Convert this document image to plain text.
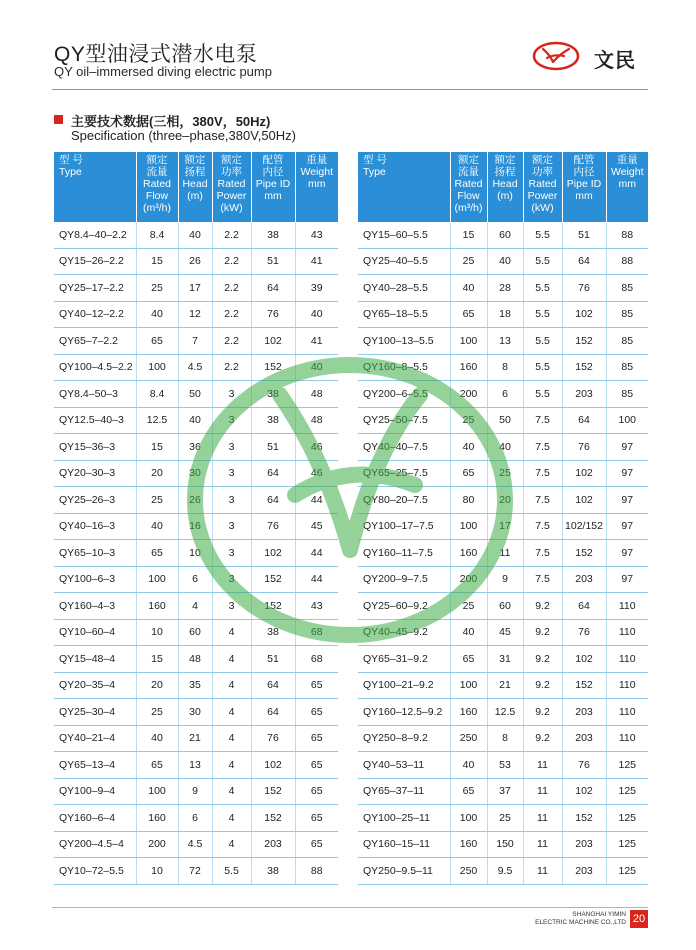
QY型油浸式潜水电泵
QY oil–immersed diving electric pump	文民
主要技术数据(三相，380V，50Hz)
Specification (three–phase,380V,50Hz)
型 号
Type	额定
流量
Rated
Flow
(m³/h)	额定
扬程
Head
(m)	额定
功率
Rated
Power
(kW)	配管
内径
Pipe ID
mm	重量
Weight
mm

QY8.4–40–2.2	8.4	40	2.2	38	43
QY15–26–2.2	15	26	2.2	51	41
QY25–17–2.2	25	17	2.2	64	39
QY40–12–2.2	40	12	2.2	76	40
QY65–7–2.2	65	7	2.2	102	41
QY100–4.5–2.2	100	4.5	2.2	152	40
QY8.4–50–3	8.4	50	3	38	48
QY12.5–40–3	12.5	40	3	38	48
QY15–36–3	15	36	3	51	46
QY20–30–3	20	30	3	64	46
QY25–26–3	25	26	3	64	44
QY40–16–3	40	16	3	76	45
QY65–10–3	65	10	3	102	44
QY100–6–3	100	6	3	152	44
QY160–4–3	160	4	3	152	43
QY10–60–4	10	60	4	38	68
QY15–48–4	15	48	4	51	68
QY20–35–4	20	35	4	64	65
QY25–30–4	25	30	4	64	65
QY40–21–4	40	21	4	76	65
QY65–13–4	65	13	4	102	65
QY100–9–4	100	9	4	152	65
QY160–6–4	160	6	4	152	65
QY200–4.5–4	200	4.5	4	203	65
QY10–72–5.5	10	72	5.5	38	88
型 号
Type	额定
流量
Rated
Flow
(m³/h)	额定
扬程
Head
(m)	额定
功率
Rated
Power
(kW)	配管
内径
Pipe ID
mm	重量
Weight
mm

QY15–60–5.5	15	60	5.5	51	88
QY25–40–5.5	25	40	5.5	64	88
QY40–28–5.5	40	28	5.5	76	85
QY65–18–5.5	65	18	5.5	102	85
QY100–13–5.5	100	13	5.5	152	85
QY160–8–5.5	160	8	5.5	152	85
QY200–6–5.5	200	6	5.5	203	85
QY25–50–7.5	25	50	7.5	64	100
QY40–40–7.5	40	40	7.5	76	97
QY65–25–7.5	65	25	7.5	102	97
QY80–20–7.5	80	20	7.5	102	97
QY100–17–7.5	100	17	7.5	102/152	97
QY160–11–7.5	160	11	7.5	152	97
QY200–9–7.5	200	9	7.5	203	97
QY25–60–9.2	25	60	9.2	64	110
QY40–45–9.2	40	45	9.2	76	110
QY65–31–9.2	65	31	9.2	102	110
QY100–21–9.2	100	21	9.2	152	110
QY160–12.5–9.2	160	12.5	9.2	203	110
QY250–8–9.2	250	8	9.2	203	110
QY40–53–11	40	53	11	76	125
QY65–37–11	65	37	11	102	125
QY100–25–11	100	25	11	152	125
QY160–15–11	160	150	11	203	125
QY250–9.5–11	250	9.5	11	203	125
SHANGHAI YIMIN
ELECTRIC MACHINE CO.,LTD 20
